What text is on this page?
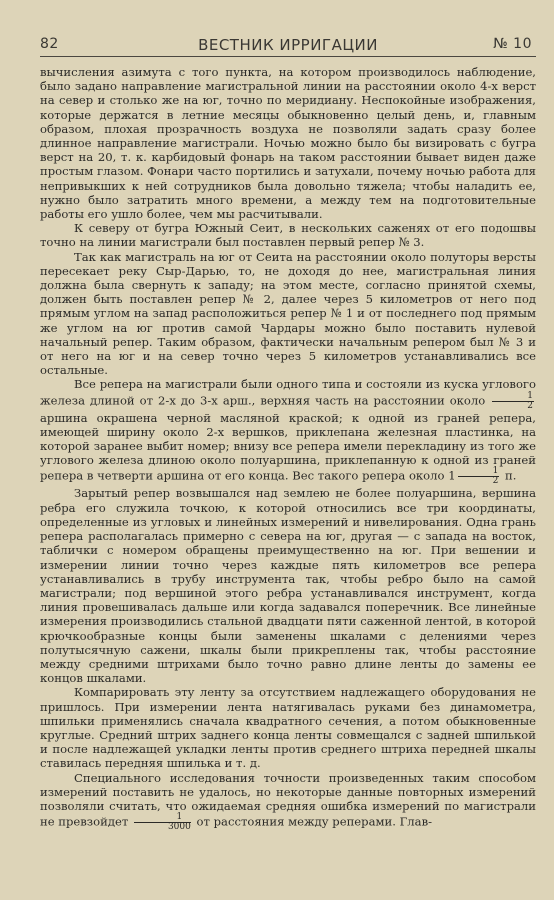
82	ВЕСТНИК ИРРИГАЦИИ	№ 10

вычисления азимута с того пункта, на котором производилось наблюдение, было задано направление магистральной линии на расстоянии около 4-х верст на север и столько же на юг, точно по меридиану. Неспокойные изображения, которые держатся в летние месяцы обыкновенно целый день, и, главным образом, плохая прозрачность воздуха не позволяли задать сразу более длинное направление магистрали. Ночью можно было бы визировать с бугра верст на 20, т. к. карбидовый фонарь на таком расстоянии бывает виден даже простым глазом. Фонари часто портились и затухали, почему ночью работа для непривыкших к ней сотрудников была довольно тяжела; чтобы наладить ее, нужно было затратить много времени, а между тем на подготовительные работы его ушло более, чем мы расчитывали.

К северу от бугра Южный Сеит, в нескольких саженях от его подошвы точно на линии магистрали был поставлен первый репер № 3.

Так как магистраль на юг от Сеита на расстоянии около полуторы версты пересекает реку Сыр-Дарью, то, не доходя до нее, магистральная линия должна была свернуть к западу; на этом месте, согласно принятой схемы, должен быть поставлен репер № 2, далее через 5 километров от него под прямым углом на запад расположиться репер № 1 и от последнего под прямым же углом на юг против самой Чардары можно было поставить нулевой начальный репер. Таким образом, фактически начальным репером был № 3 и от него на юг и на север точно через 5 километров устанавливались все остальные.

Все репера на магистрали были одного типа и состояли из куска углового железа длиной от 2-х до 3-х арш., верхняя часть на расстоянии около $\frac{1}{2}$
аршина окрашена черной масляной краской; к одной из граней репера, имеющей ширину около 2-х вершков, приклепана железная пластинка, на которой заранее выбит номер; внизу все репера имели перекладину из того же углового железа длиною около полуаршина, приклепанную к одной из граней репера в четверти аршина от его конца. Вес такого репера около $1 \frac{1}{2} п$.

Зарытый репер возвышался над землею не более полуаршина, вершина ребра его служила точкою, к которой относились все три координаты, определенные из угловых и линейных измерений и нивелирования. Одна грань репера располагалась примерно с севера на юг, другая — с запада на восток, таблички с номером обращены преимущественно на юг. При вешении и измерении линии точно через каждые пять километров все репера устанавливались в трубу инструмента так, чтобы ребро было на самой магистрали; под вершиной этого ребра устанавливался инструмент, когда линия провешивалась дальше или когда задавался поперечник. Все линейные измерения производились стальной двадцати пяти саженной лентой, в которой крючкообразные концы были заменены шкалами с делениями через полутысячную сажени, шкалы были прикреплены так, чтобы расстояние между средними штрихами было точно равно длине ленты до замены ее концов шкалами.

Компарировать эту ленту за отсутствием надлежащего оборудования не пришлось. При измерении лента натягивалась руками без динамометра, шпильки применялись сначала квадратного сечения, а потом обыкновенные круглые. Средний штрих заднего конца ленты совмещался с задней шпилькой и после надлежащей укладки ленты против среднего штриха передней шкалы ставилась передняя шпилька и т. д.

Специального исследования точности произведенных таким способом измерений поставить не удалось, но некоторые данные повторных измерений позволяли считать, что ожидаемая средняя ошибка измерений по магистрали не превзойдет $\frac{1}{3000}$ от расстояния между реперами. Глав-
